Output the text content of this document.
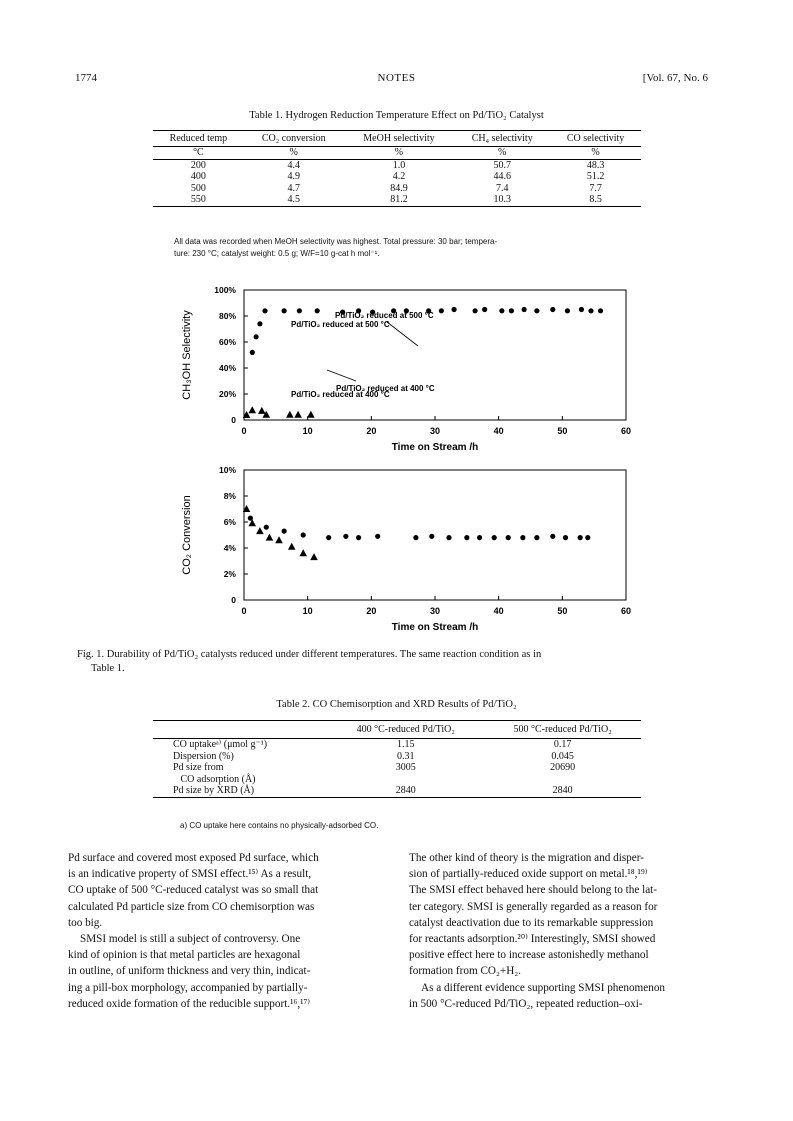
1774	NOTES	[Vol. 67, No. 6
Table 1. Hydrogen Reduction Temperature Effect on Pd/TiO₂ Catalyst
Reduced temp	CO₂ conversion	MeOH selectivity	CH₄ selectivity	CO selectivity
°C	%	%	%	%
200	4.4	1.0	50.7	48.3
400	4.9	4.2	44.6	51.2
500	4.7	84.9	7.4	7.7
550	4.5	81.2	10.3	8.5
All data was recorded when MeOH selectivity was highest. Total pressure: 30 bar; tempera-
ture: 230 °C; catalyst weight: 0.5 g; W/F=10 g-cat h mol⁻¹.
0	10	20	30	40	50	60
0
20%
40%
60%
80%
100%
Time on Stream /h
CH₃OH Selectivity	Pd/TiO₂ reduced at 500 °C
Pd/TiO₂ reduced at 400 °C
0	10	20	30	40	50	60
0
2%
4%
6%
8%
10%
Time on Stream /h
CO₂ Conversion
Pd/TiO₂ reduced at 500 °C
Pd/TiO₂ reduced at 400 °C
Fig. 1. Durability of Pd/TiO₂ catalysts reduced under different temperatures. The same reaction condition as in
Table 1.
Table 2. CO Chemisorption and XRD Results of Pd/TiO₂
	400 °C-reduced Pd/TiO₂	500 °C-reduced Pd/TiO₂
CO uptakeᵃ⁾ (μmol g⁻¹)	1.15	0.17
Dispersion (%)	0.31	0.045
Pd size from	3005	20690
CO adsorption (Å)		
Pd size by XRD (Å)	2840	2840
a) CO uptake here contains no physically-adsorbed CO.

Pd surface and covered most exposed Pd surface, which

is an indicative property of SMSI effect.¹⁵⁾ As a result,

CO uptake of 500 °C-reduced catalyst was so small that

calculated Pd particle size from CO chemisorption was

too big.

SMSI model is still a subject of controversy. One

kind of opinion is that metal particles are hexagonal

in outline, of uniform thickness and very thin, indicat-

ing a pill-box morphology, accompanied by partially-

reduced oxide formation of the reducible support.¹⁶,¹⁷⁾

The other kind of theory is the migration and disper-

sion of partially-reduced oxide support on metal.¹⁸,¹⁹⁾

The SMSI effect behaved here should belong to the lat-

ter category. SMSI is generally regarded as a reason for

catalyst deactivation due to its remarkable suppression

for reactants adsorption.²⁰⁾ Interestingly, SMSI showed

positive effect here to increase astonishedly methanol

formation from CO₂+H₂.

As a different evidence supporting SMSI phenomenon

in 500 °C-reduced Pd/TiO₂, repeated reduction–oxi-
